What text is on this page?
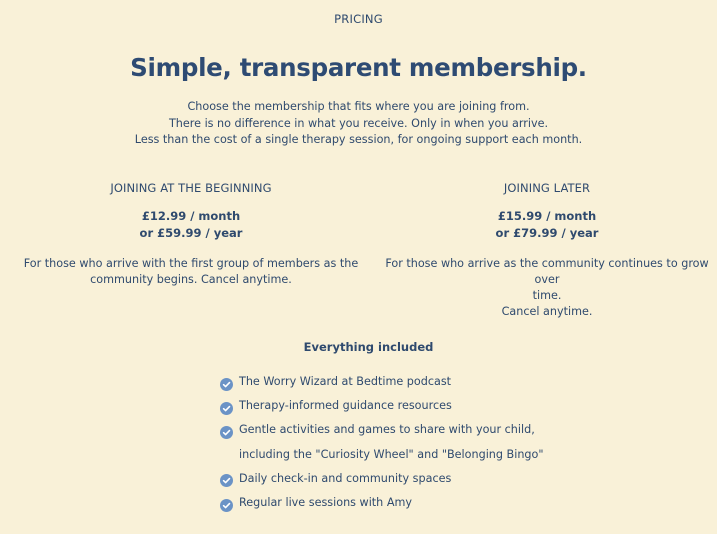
PRICING
Simple, transparent membership.
Choose the membership that fits where you are joining from.
There is no difference in what you receive. Only in when you arrive.
Less than the cost of a single therapy session, for ongoing support each month.
JOINING AT THE BEGINNING
£12.99 / month
or £59.99 / year
For those who arrive with the first group of members as the
community begins. Cancel anytime.
JOINING LATER
£15.99 / month
or £79.99 / year
For those who arrive as the community continues to grow over
time.
Cancel anytime.
Everything included
The Worry Wizard at Bedtime podcast
Therapy-informed guidance resources
Gentle activities and games to share with your child,
including the "Curiosity Wheel" and "Belonging Bingo"
Daily check-in and community spaces
Regular live sessions with Amy
